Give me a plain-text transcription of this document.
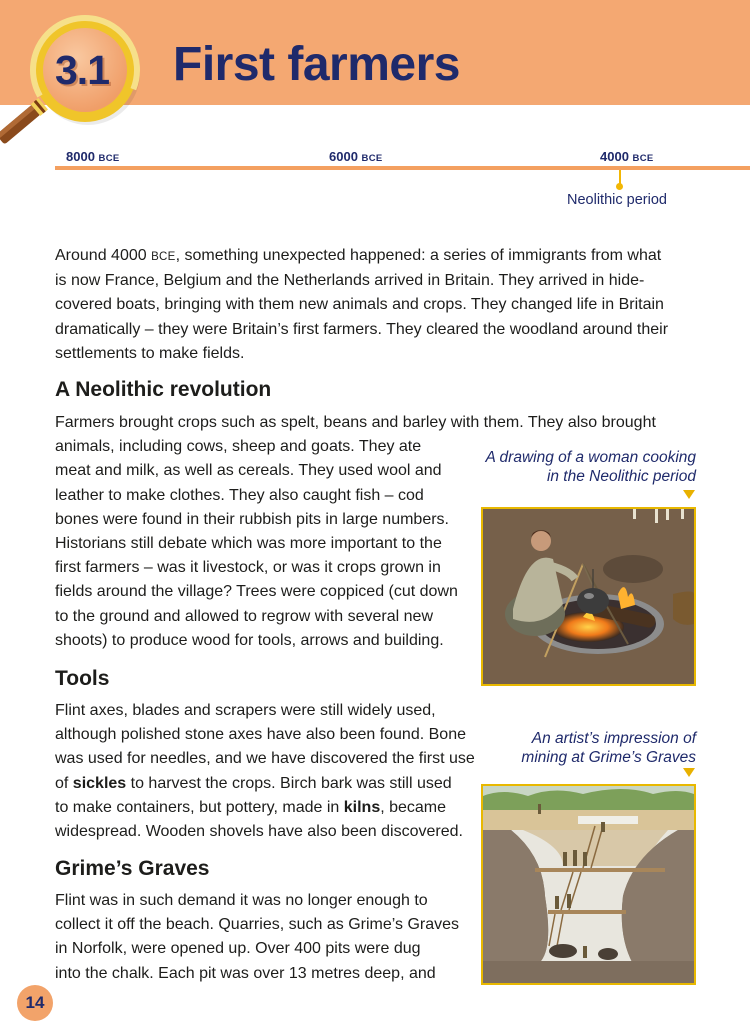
3.1	First farmers
8000 BCE	6000 BCE	4000 BCE
Neolithic period
Around 4000 BCE, something unexpected happened: a series of immigrants from what
is now France, Belgium and the Netherlands arrived in Britain. They arrived in hide-
covered boats, bringing with them new animals and crops. They changed life in Britain
dramatically – they were Britain’s first farmers. They cleared the woodland around their
settlements to make fields.
A Neolithic revolution
Farmers brought crops such as spelt, beans and barley with them. They also brought
animals, including cows, sheep and goats. They ate
meat and milk, as well as cereals. They used wool and
leather to make clothes. They also caught fish – cod
bones were found in their rubbish pits in large numbers.
Historians still debate which was more important to the
first farmers – was it livestock, or was it crops grown in
fields around the village? Trees were coppiced (cut down
to the ground and allowed to regrow with several new
shoots) to produce wood for tools, arrows and building.
A drawing of a woman cooking
in the Neolithic period
Tools
Flint axes, blades and scrapers were still widely used,
although polished stone axes have also been found. Bone
was used for needles, and we have discovered the first use
of sickles to harvest the crops. Birch bark was still used
to make containers, but pottery, made in kilns, became
widespread. Wooden shovels have also been discovered.
An artist’s impression of
mining at Grime’s Graves
Grime’s Graves
Flint was in such demand it was no longer enough to
collect it off the beach. Quarries, such as Grime’s Graves
in Norfolk, were opened up. Over 400 pits were dug
into the chalk. Each pit was over 13 metres deep, and
14
